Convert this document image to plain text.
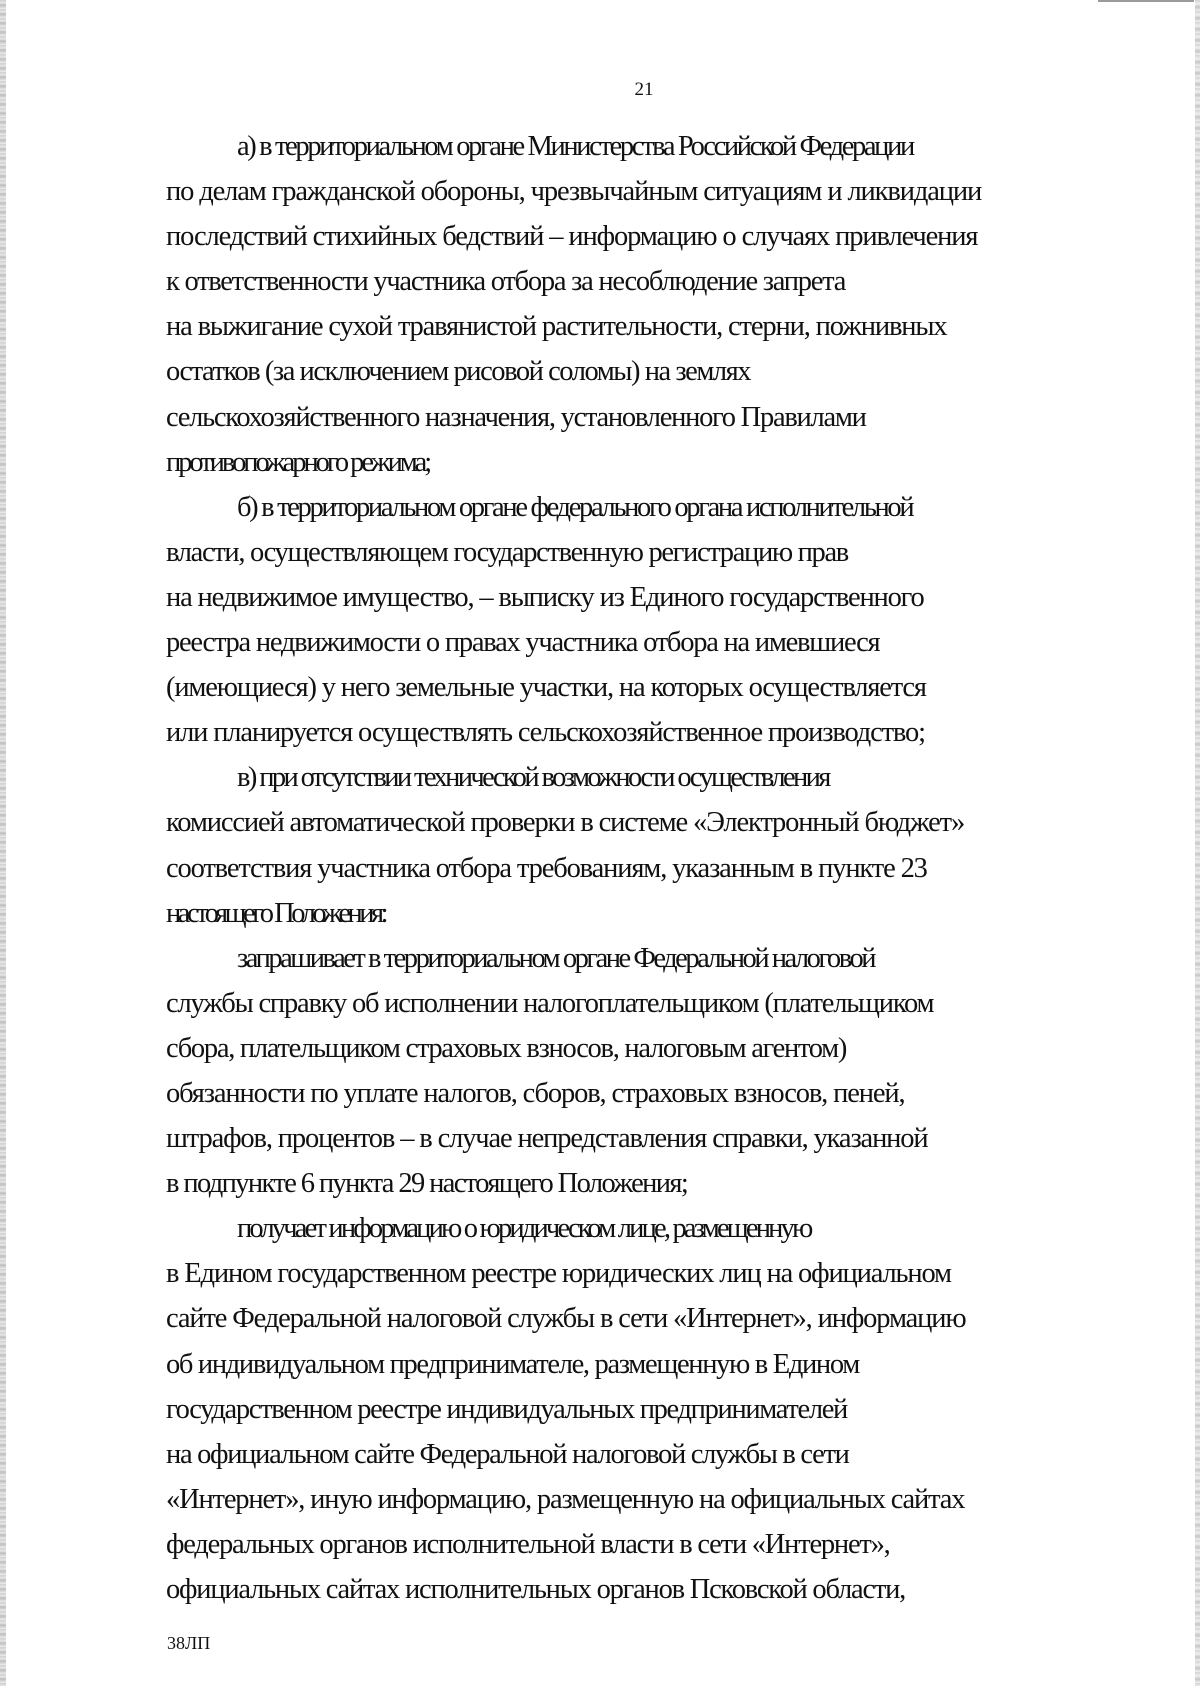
21

а) в территориальном органе Министерства Российской Федерации
по делам гражданской обороны, чрезвычайным ситуациям и ликвидации
последствий стихийных бедствий – информацию о случаях привлечения
к ответственности участника отбора за несоблюдение запрета
на выжигание сухой травянистой растительности, стерни, пожнивных
остатков (за исключением рисовой соломы) на землях
сельскохозяйственного назначения, установленного Правилами
противопожарного режима;

б) в территориальном органе федерального органа исполнительной
власти, осуществляющем государственную регистрацию прав
на недвижимое имущество, – выписку из Единого государственного
реестра недвижимости о правах участника отбора на имевшиеся
(имеющиеся) у него земельные участки, на которых осуществляется
или планируется осуществлять сельскохозяйственное производство;

в) при отсутствии технической возможности осуществления
комиссией автоматической проверки в системе «Электронный бюджет»
соответствия участника отбора требованиям, указанным в пункте 23
настоящего Положения:

запрашивает в территориальном органе Федеральной налоговой
службы справку об исполнении налогоплательщиком (плательщиком
сбора, плательщиком страховых взносов, налоговым агентом)
обязанности по уплате налогов, сборов, страховых взносов, пеней,
штрафов, процентов – в случае непредставления справки, указанной
в подпункте 6 пункта 29 настоящего Положения;

получает информацию о юридическом лице, размещенную
в Едином государственном реестре юридических лиц на официальном
сайте Федеральной налоговой службы в сети «Интернет», информацию
об индивидуальном предпринимателе, размещенную в Едином
государственном реестре индивидуальных предпринимателей
на официальном сайте Федеральной налоговой службы в сети
«Интернет», иную информацию, размещенную на официальных сайтах
федеральных органов исполнительной власти в сети «Интернет»,
официальных сайтах исполнительных органов Псковской области,

38ЛП
